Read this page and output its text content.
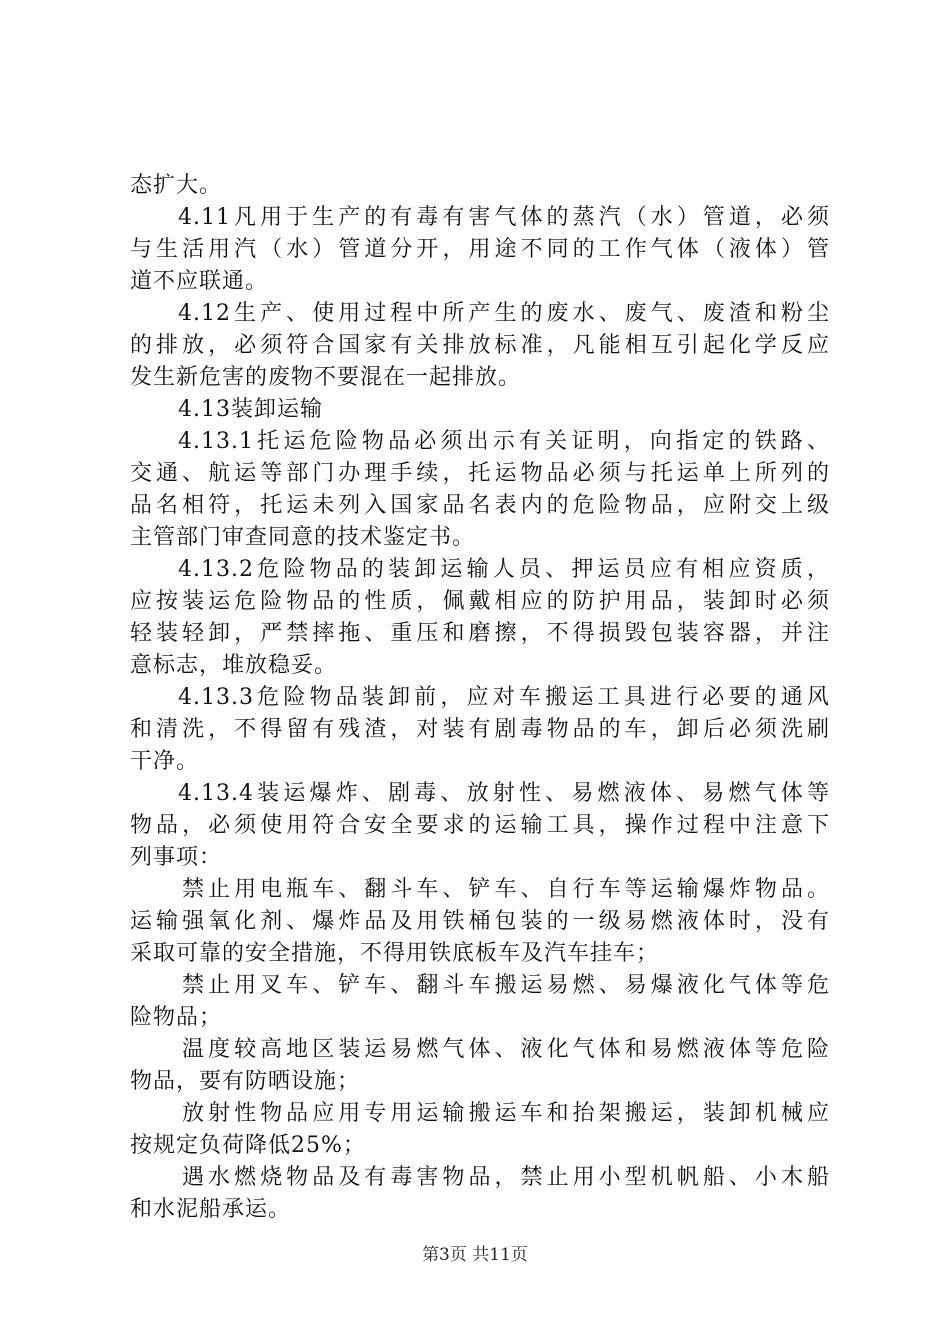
态扩大。
4.11凡用于生产的有毒有害气体的蒸汽（水）管道，必须
与生活用汽（水）管道分开，用途不同的工作气体（液体）管
道不应联通。
4.12生产、使用过程中所产生的废水、废气、废渣和粉尘
的排放，必须符合国家有关排放标准，凡能相互引起化学反应
发生新危害的废物不要混在一起排放。
4.13装卸运输
4.13.1托运危险物品必须出示有关证明，向指定的铁路、
交通、航运等部门办理手续，托运物品必须与托运单上所列的
品名相符，托运未列入国家品名表内的危险物品，应附交上级
主管部门审查同意的技术鉴定书。
4.13.2危险物品的装卸运输人员、押运员应有相应资质，
应按装运危险物品的性质，佩戴相应的防护用品，装卸时必须
轻装轻卸，严禁摔拖、重压和磨擦，不得损毁包装容器，并注
意标志，堆放稳妥。
4.13.3危险物品装卸前，应对车搬运工具进行必要的通风
和清洗，不得留有残渣，对装有剧毒物品的车，卸后必须洗刷
干净。
4.13.4装运爆炸、剧毒、放射性、易燃液体、易燃气体等
物品，必须使用符合安全要求的运输工具，操作过程中注意下
列事项：
禁止用电瓶车、翻斗车、铲车、自行车等运输爆炸物品。
运输强氧化剂、爆炸品及用铁桶包装的一级易燃液体时，没有
采取可靠的安全措施，不得用铁底板车及汽车挂车；
禁止用叉车、铲车、翻斗车搬运易燃、易爆液化气体等危
险物品；
温度较高地区装运易燃气体、液化气体和易燃液体等危险
物品，要有防晒设施；
放射性物品应用专用运输搬运车和抬架搬运，装卸机械应
按规定负荷降低25%；
遇水燃烧物品及有毒害物品，禁止用小型机帆船、小木船
和水泥船承运。
第3页 共11页
